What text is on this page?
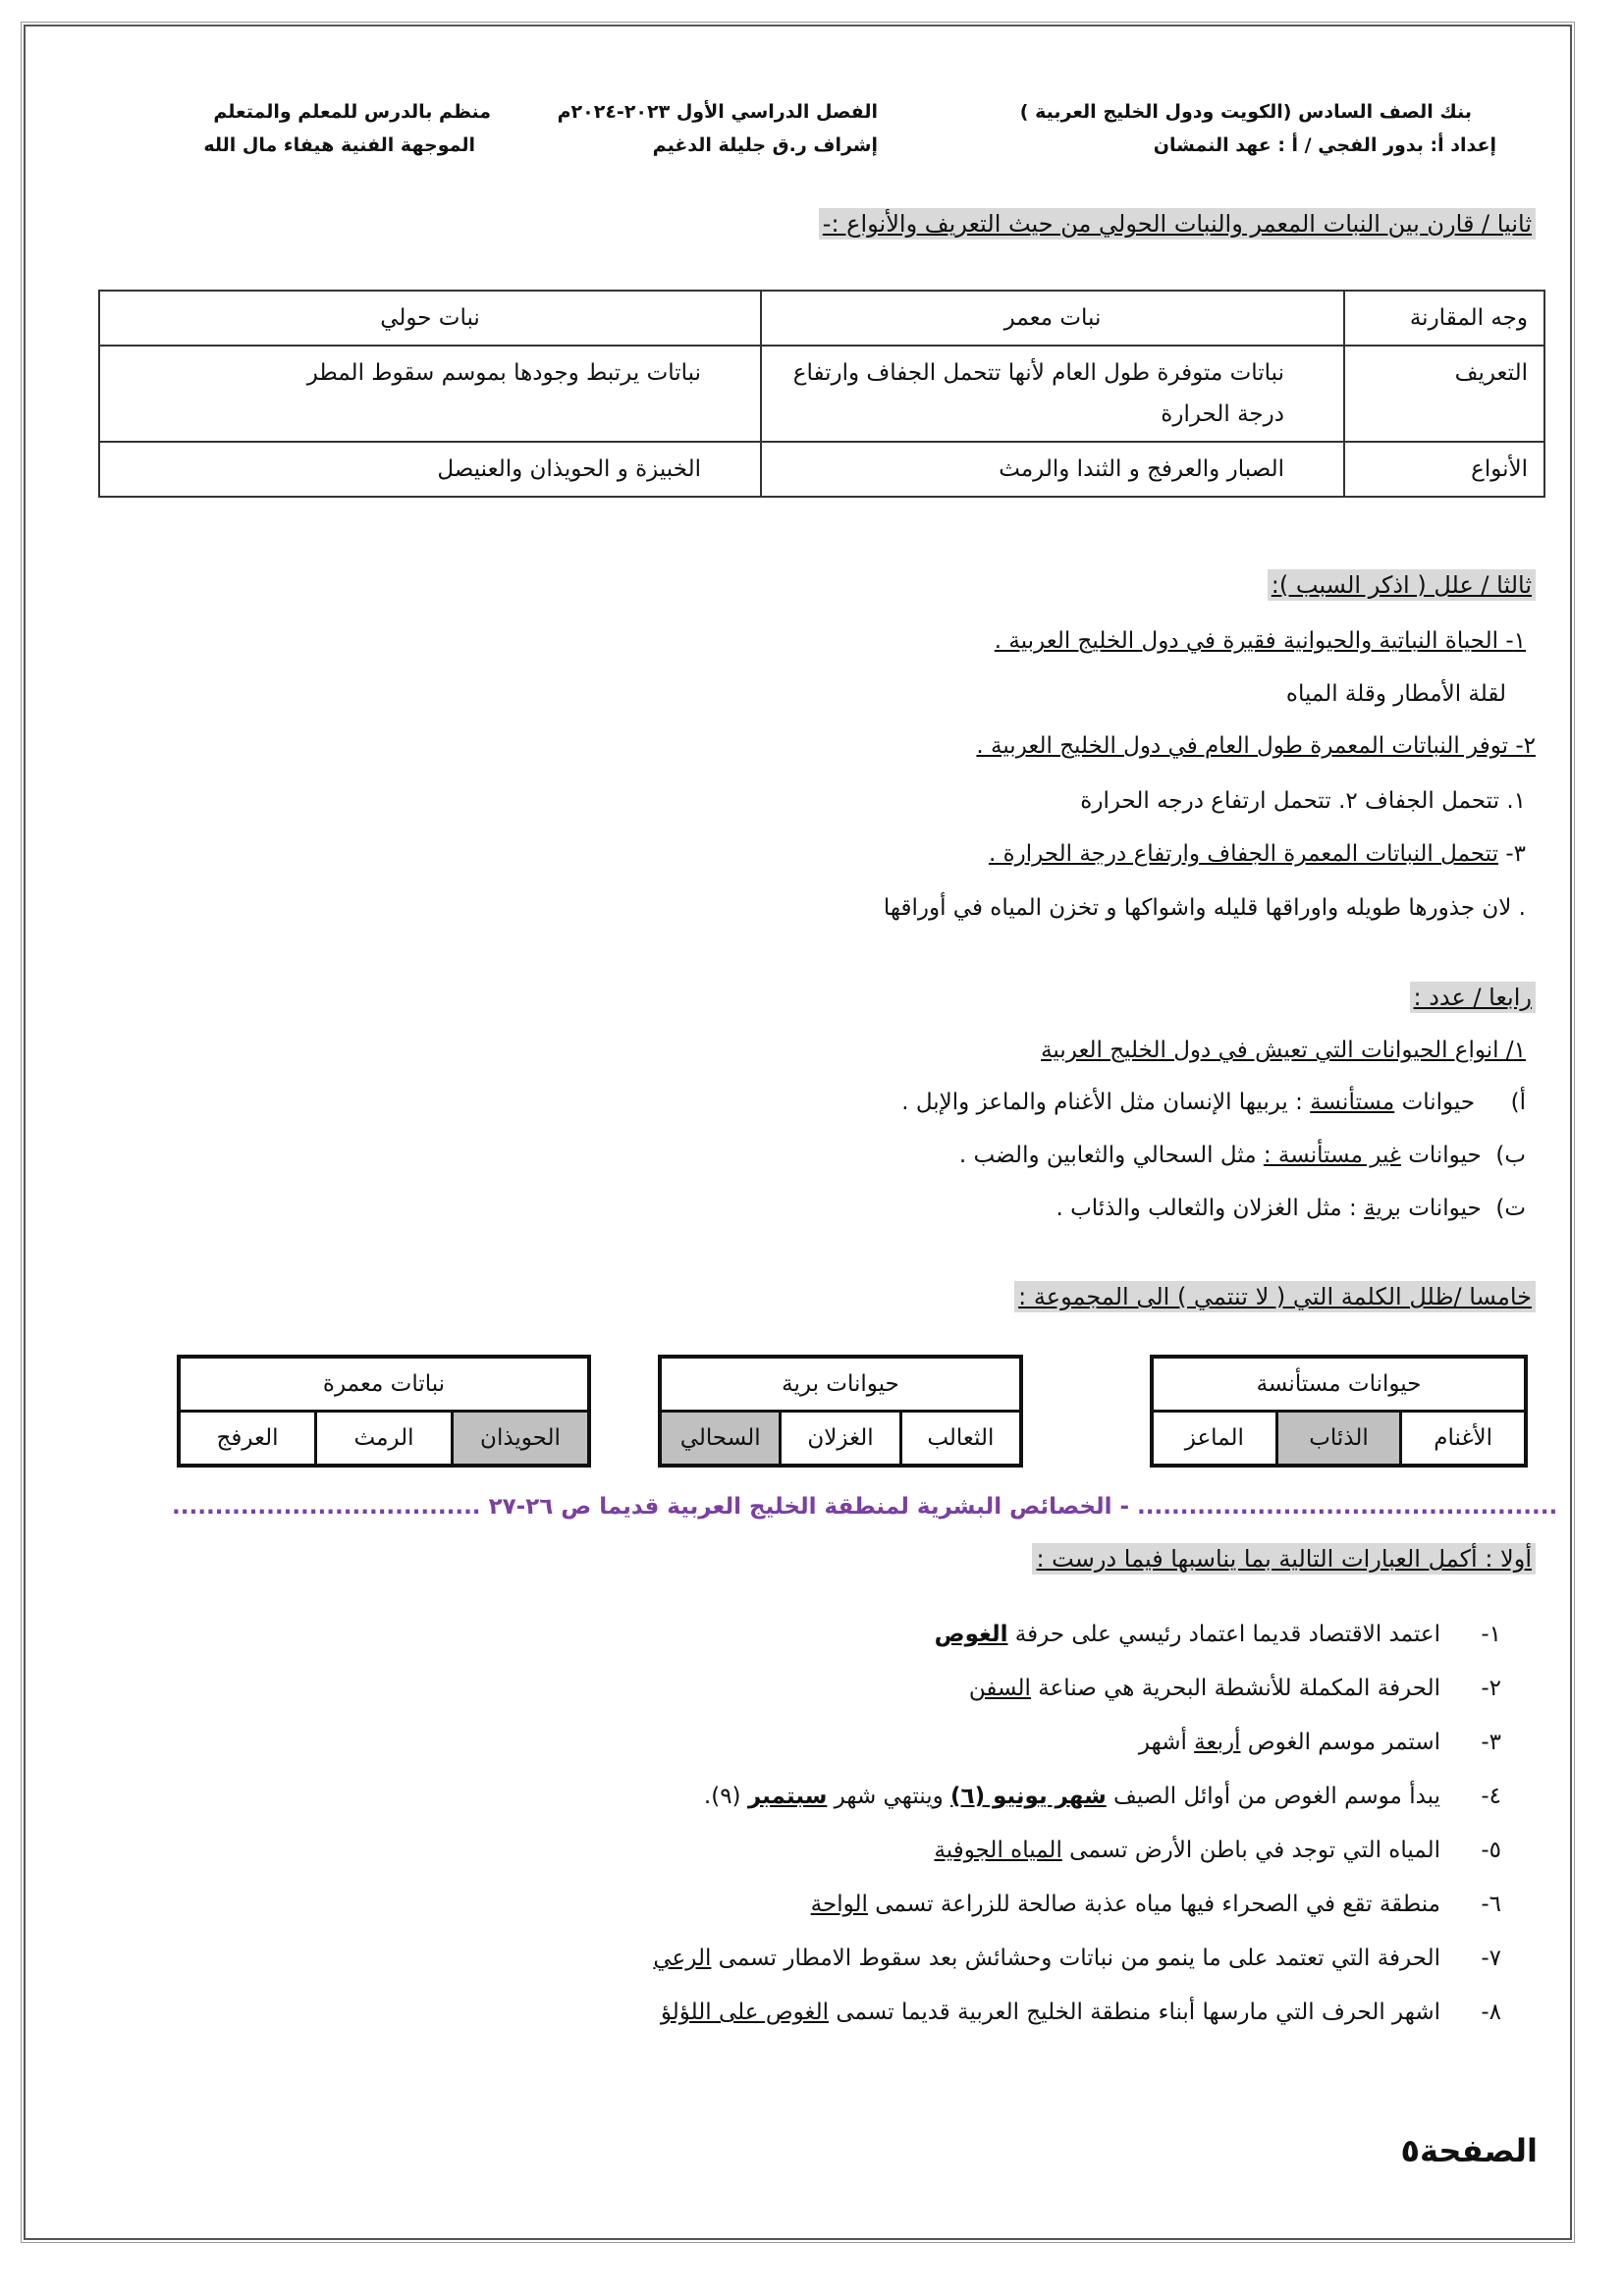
بنك الصف السادس (الكويت ودول الخليج العربية )
الفصل الدراسي الأول ٢٠٢٣-٢٠٢٤م
منظم بالدرس للمعلم والمتعلم
إعداد أ: بدور الفجي / أ : عهد النمشان
إشراف ر.ق جليلة الدغيم
الموجهة الفنية هيفاء مال الله
ثانيا / قارن بين النبات المعمر والنبات الحولي من حيث التعريف والأنواع :-
وجه المقارنة	نبات معمر	نبات حولي
التعريف	نباتات متوفرة طول العام لأنها تتحمل الجفاف وارتفاع درجة الحرارة	نباتات يرتبط وجودها بموسم سقوط المطر
الأنواع	الصبار والعرفج و الثندا والرمث	الخبيزة و الحويذان والعنيصل
ثالثا / علل ( اذكر السبب ):
١- الحياة النباتية والحيوانية فقيرة في دول الخليج العربية .
لقلة الأمطار وقلة المياه
٢- توفر النباتات المعمرة طول العام في دول الخليج العربية .
١. تتحمل الجفاف ٢. تتحمل ارتفاع درجه الحرارة
٣- تتحمل النباتات المعمرة الجفاف وارتفاع درجة الحرارة .
. لان جذورها طويله واوراقها قليله واشواكها و تخزن المياه في أوراقها
رابعا / عدد :
١/ انواع الحيوانات التي تعيش في دول الخليج العربية
أ)     حيوانات مستأنسة : يربيها الإنسان مثل الأغنام والماعز والإبل .
ب)  حيوانات غير مستأنسة : مثل السحالي والثعابين والضب .
ت)  حيوانات برية : مثل الغزلان والثعالب والذئاب .
خامسا /ظلل الكلمة التي ( لا تنتمي ) الى المجموعة :
حيوانات مستأنسة
الأغنام
الذئاب
الماعز
حيوانات برية
الثعالب
الغزلان
السحالي
نباتات معمرة
الحويذان
الرمث
العرفج
................................................. - الخصائص البشرية لمنطقة الخليج العربية قديما ص ٢٦-٢٧ ....................................
أولا : أكمل العبارات التالية بما يناسبها فيما درست :
١-اعتمد الاقتصاد قديما اعتماد رئيسي على حرفة الغوص
٢-الحرفة المكملة للأنشطة البحرية هي صناعة السفن
٣-استمر موسم الغوص أربعة أشهر
٤-يبدأ موسم الغوص من أوائل الصيف شهر يونيو (٦) وينتهي شهر سبتمبر (٩).
٥-المياه التي توجد في باطن الأرض تسمى المياه الجوفية
٦-منطقة تقع في الصحراء فيها مياه عذبة صالحة للزراعة تسمى الواحة
٧-الحرفة التي تعتمد على ما ينمو من نباتات وحشائش بعد سقوط الامطار تسمى الرعي
٨-اشهر الحرف التي مارسها أبناء منطقة الخليج العربية قديما تسمى الغوص على اللؤلؤ
الصفحة٥
